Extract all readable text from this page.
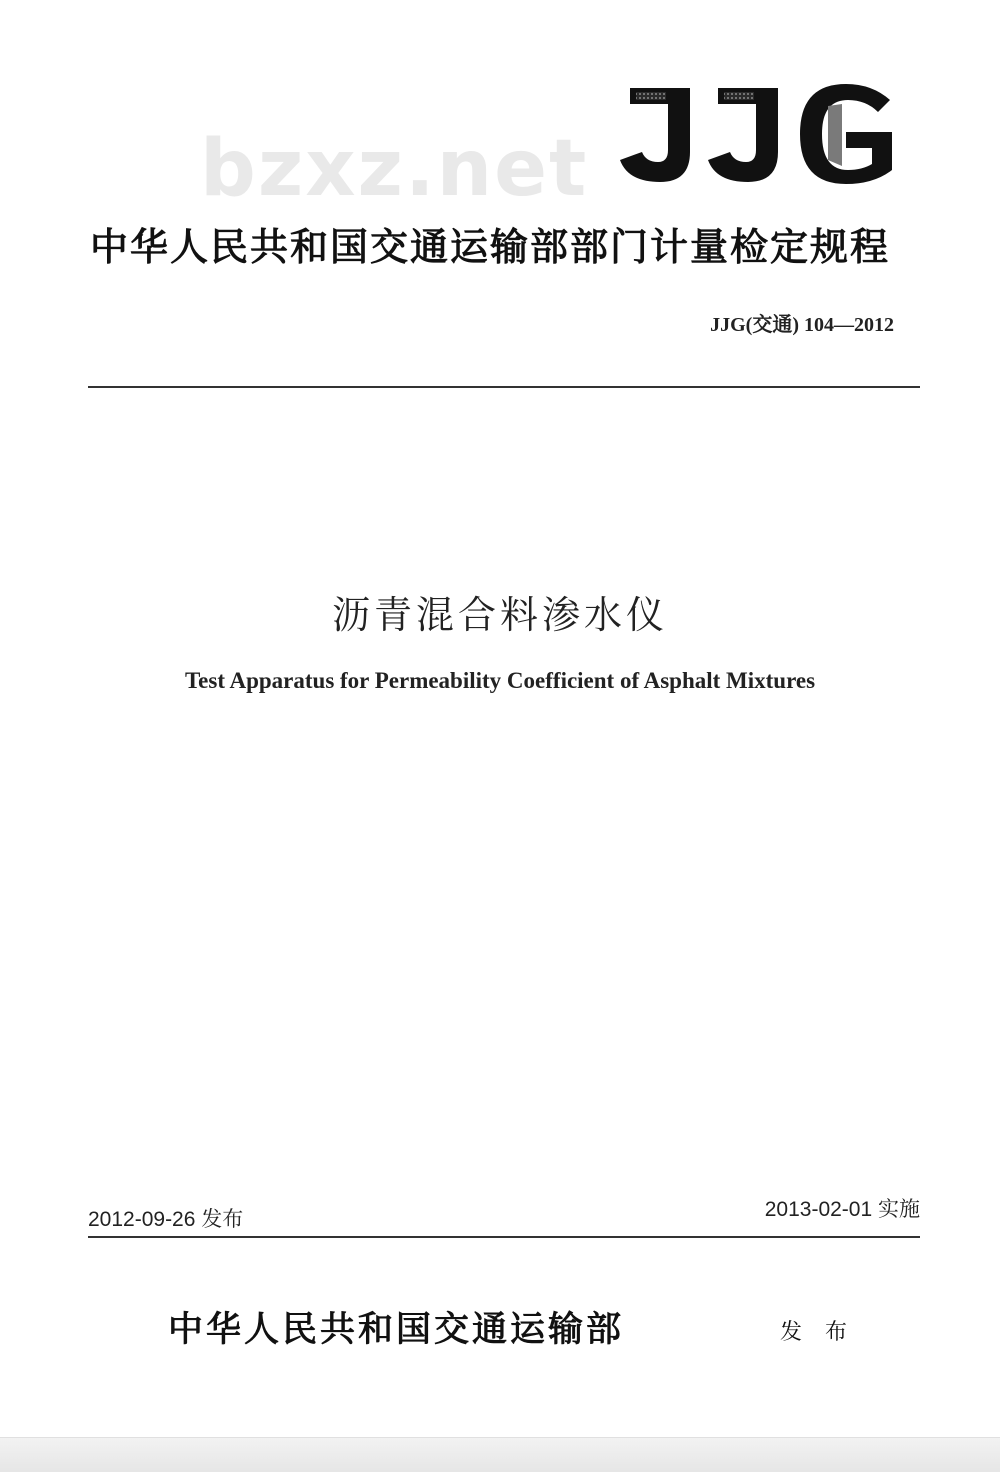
bzxz.net
中华人民共和国交通运输部部门计量检定规程
JJG(交通) 104—2012
沥青混合料渗水仪
Test Apparatus for Permeability Coefficient of Asphalt Mixtures
2012-09-26 发布	2013-02-01 实施
中华人民共和国交通运输部	发 布
